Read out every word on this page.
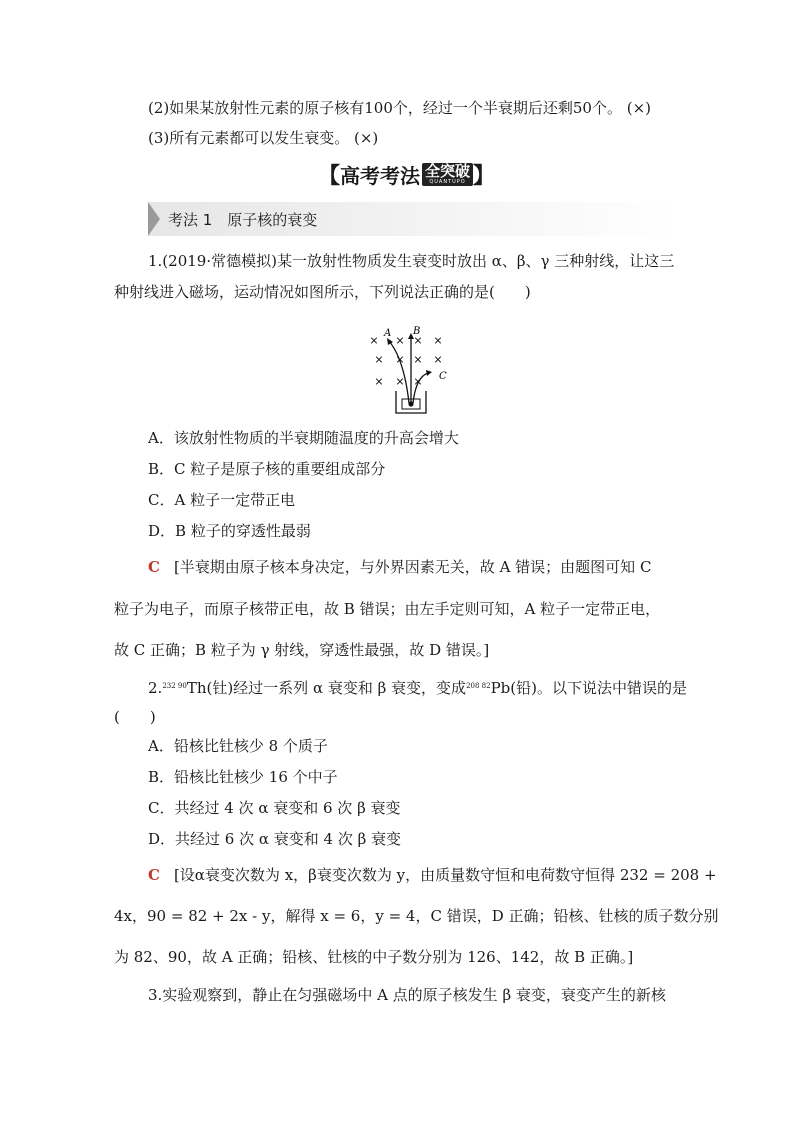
(2)如果某放射性元素的原子核有100个，经过一个半衰期后还剩50个。 (×)
(3)所有元素都可以发生衰变。 (×)
【 高考考法 全突破
QUANTUPO 】
考法 1　原子核的衰变
1.(2019·常德模拟)某一放射性物质发生衰变时放出 α、β、γ 三种射线，让这三
种射线进入磁场，运动情况如图所示，下列说法正确的是(　　)
× × × ×
× × × ×
× × ×
A B
C
A．该放射性物质的半衰期随温度的升高会增大
B．C 粒子是原子核的重要组成部分
C．A 粒子一定带正电
D．B 粒子的穿透性最弱
C [半衰期由原子核本身决定，与外界因素无关，故 A 错误；由题图可知 C
粒子为电子，而原子核带正电，故 B 错误；由左手定则可知，A 粒子一定带正电，
故 C 正确；B 粒子为 γ 射线，穿透性最强，故 D 错误。]
2.$^{232 90}$Th(钍)经过一系列 α 衰变和 β 衰变，变成$^{208 82}$Pb(铅)。以下说法中错误的是
(　　)
A．铅核比钍核少 8 个质子
B．铅核比钍核少 16 个中子
C．共经过 4 次 α 衰变和 6 次 β 衰变
D．共经过 6 次 α 衰变和 4 次 β 衰变
C [设α衰变次数为 x，β衰变次数为 y，由质量数守恒和电荷数守恒得 232 = 208 +
4x，90 = 82 + 2x - y，解得 x = 6，y = 4，C 错误，D 正确；铅核、钍核的质子数分别
为 82、90，故 A 正确；铅核、钍核的中子数分别为 126、142，故 B 正确。]
3.实验观察到，静止在匀强磁场中 A 点的原子核发生 β 衰变，衰变产生的新核
